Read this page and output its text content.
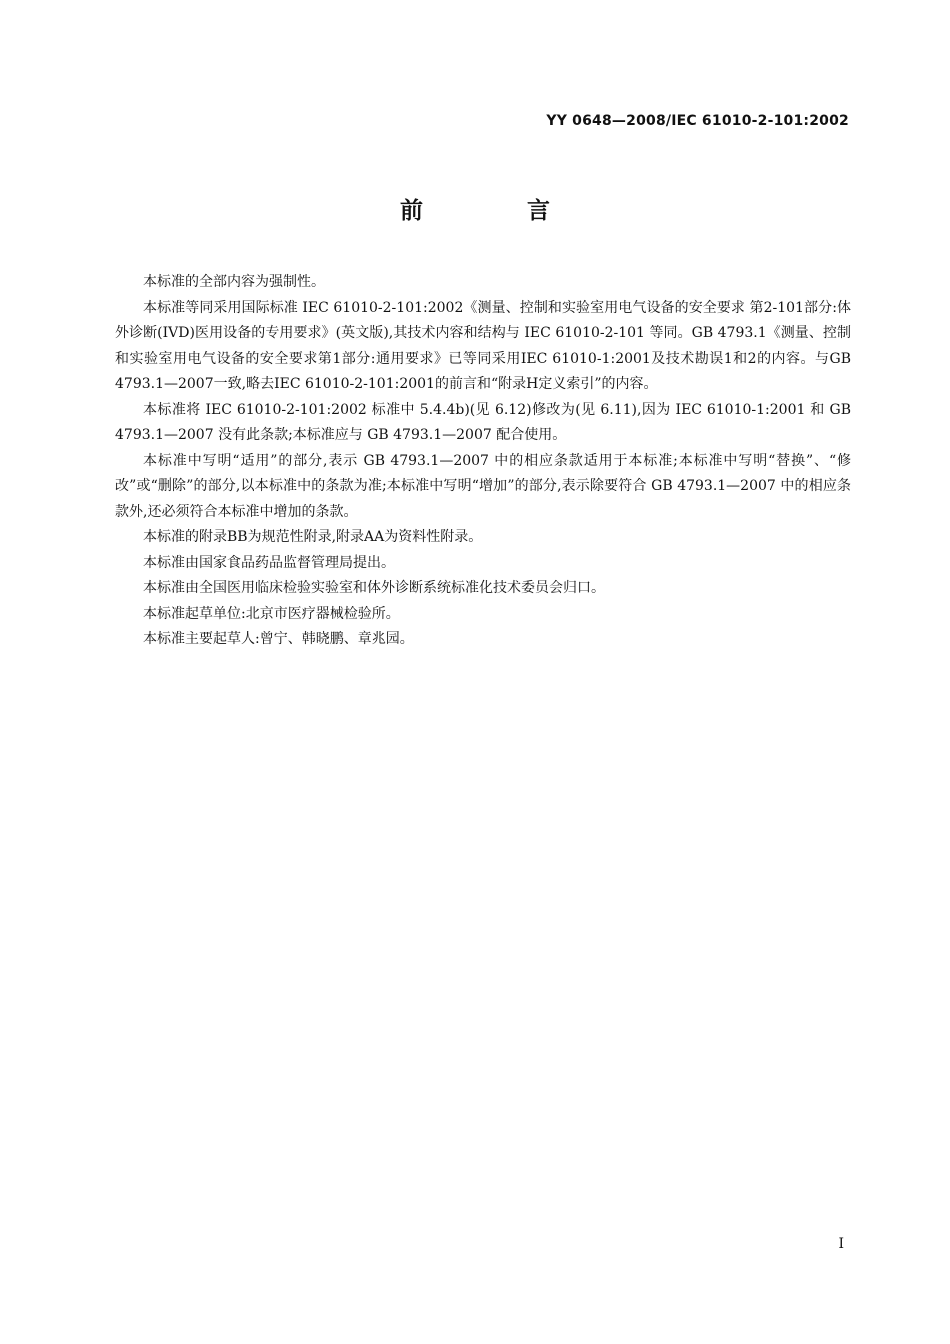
YY 0648—2008/IEC 61010-2-101:2002
前 言

本标准的全部内容为强制性。

本标准等同采用国际标准 IEC 61010-2-101:2002《测量、控制和实验室用电气设备的安全要求 第2-101部分:体外诊断(IVD)医用设备的专用要求》(英文版),其技术内容和结构与 IEC 61010-2-101 等同。GB 4793.1《测量、控制和实验室用电气设备的安全要求第1部分:通用要求》已等同采用IEC 61010-1:2001及技术勘误1和2的内容。与GB 4793.1—2007一致,略去IEC 61010-2-101:2001的前言和“附录H定义索引”的内容。

本标准将 IEC 61010-2-101:2002 标准中 5.4.4b)(见 6.12)修改为(见 6.11),因为 IEC 61010-1:2001 和 GB 4793.1—2007 没有此条款;本标准应与 GB 4793.1—2007 配合使用。

本标准中写明“适用”的部分,表示 GB 4793.1—2007 中的相应条款适用于本标准;本标准中写明“替换”、“修改”或“删除”的部分,以本标准中的条款为准;本标准中写明“增加”的部分,表示除要符合 GB 4793.1—2007 中的相应条款外,还必须符合本标准中增加的条款。

本标准的附录BB为规范性附录,附录AA为资料性附录。

本标准由国家食品药品监督管理局提出。

本标准由全国医用临床检验实验室和体外诊断系统标准化技术委员会归口。

本标准起草单位:北京市医疗器械检验所。

本标准主要起草人:曾宁、韩晓鹏、章兆园。

I
